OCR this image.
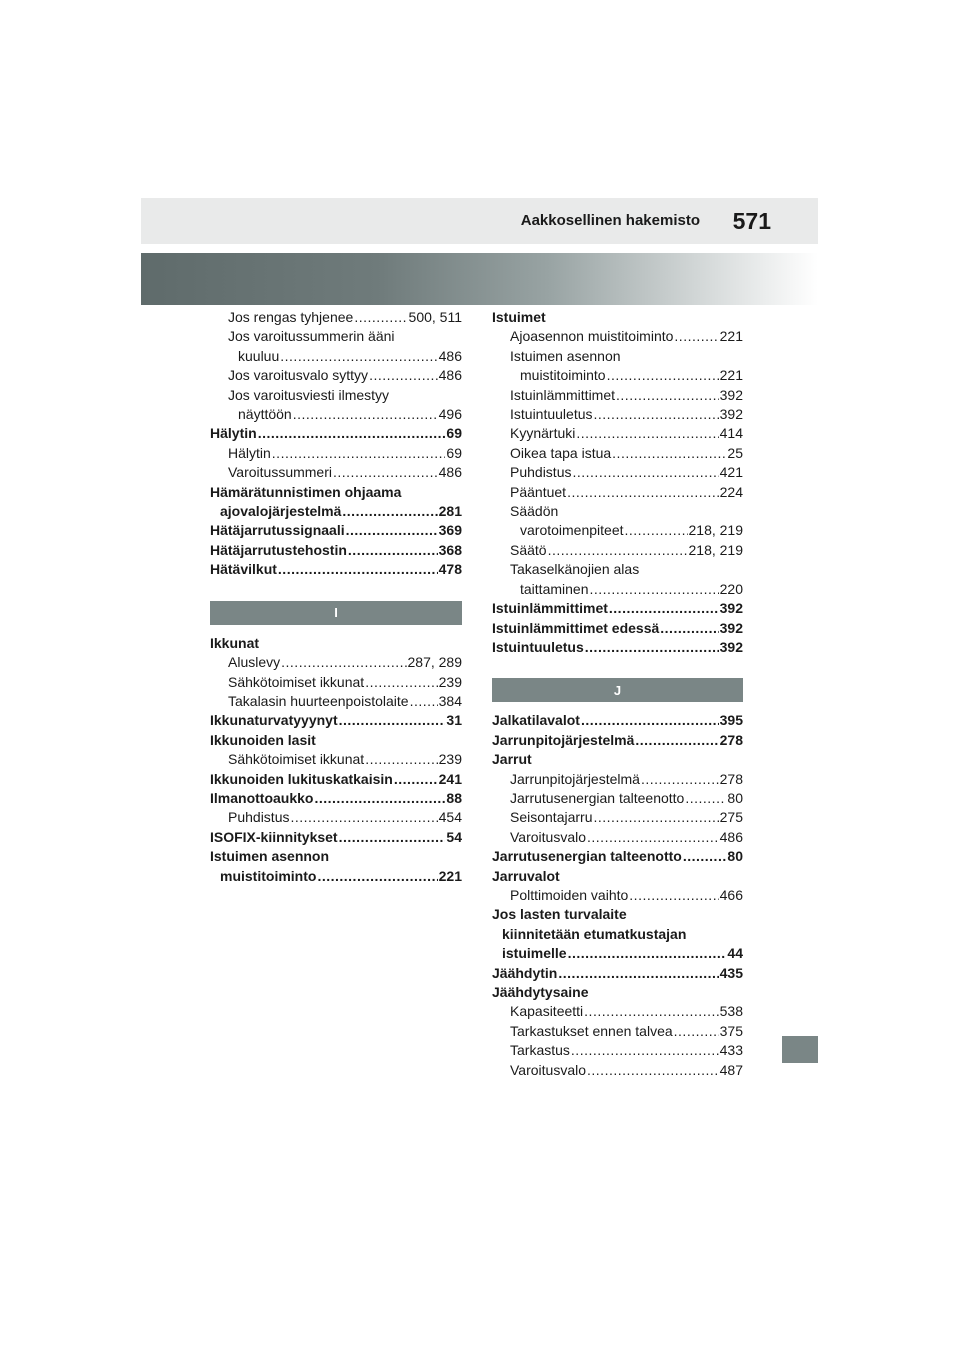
Aakkosellinen hakemisto 571
Jos rengas tyhjenee .....	500, 511
Jos varoitussummerin ääni
kuuluu .....	486
Jos varoitusvalo syttyy .....	486
Jos varoitusviesti ilmestyy
näyttöön .....	496
Hälytin .....	69
Hälytin .....	69
Varoitussummeri .....	486
Hämärätunnistimen ohjaama
ajovalojärjestelmä .....	281
Hätäjarrutussignaali .....	369
Hätäjarrutustehostin .....	368
Hätävilkut .....	478
I
Ikkunat
Aluslevy .....	287, 289
Sähkötoimiset ikkunat .....	239
Takalasin huurteenpoistolaite ..... 384
Ikkunaturvatyyynyt .....	31
Ikkunoiden lasit
Sähkötoimiset ikkunat .....	239
Ikkunoiden lukituskatkaisin .....	241
Ilmanottoaukko .....	88
Puhdistus .....	454
ISOFIX-kiinnitykset .....	54
Istuimen asennon
muistitoiminto .....	221
Istuimet
Ajoasennon muistitoiminto .....	221
Istuimen asennon
muistitoiminto .....	221
Istuinlämmittimet .....	392
Istuintuuletus .....	392
Kyynärtuki .....	414
Oikea tapa istua .....	25
Puhdistus .....	421
Pääntuet .....	224
Säädön
varotoimenpiteet .....	218, 219
Säätö .....	218, 219
Takaselkänojien alas
taittaminen .....	220
Istuinlämmittimet .....	392
Istuinlämmittimet edessä .....	392
Istuintuuletus .....	392
J
Jalkatilavalot .....	395
Jarrunpitojärjestelmä .....	278
Jarrut
Jarrunpitojärjestelmä .....	278
Jarrutusenergian talteenotto .....	80
Seisontajarru .....	275
Varoitusvalo .....	486
Jarrutusenergian talteenotto .....	80
Jarruvalot
Polttimoiden vaihto .....	466
Jos lasten turvalaite
kiinnitetään etumatkustajan
istuimelle .....	44
Jäähdytin .....	435
Jäähdytysaine
Kapasiteetti .....	538
Tarkastukset ennen talvea .....	375
Tarkastus .....	433
Varoitusvalo .....	487
